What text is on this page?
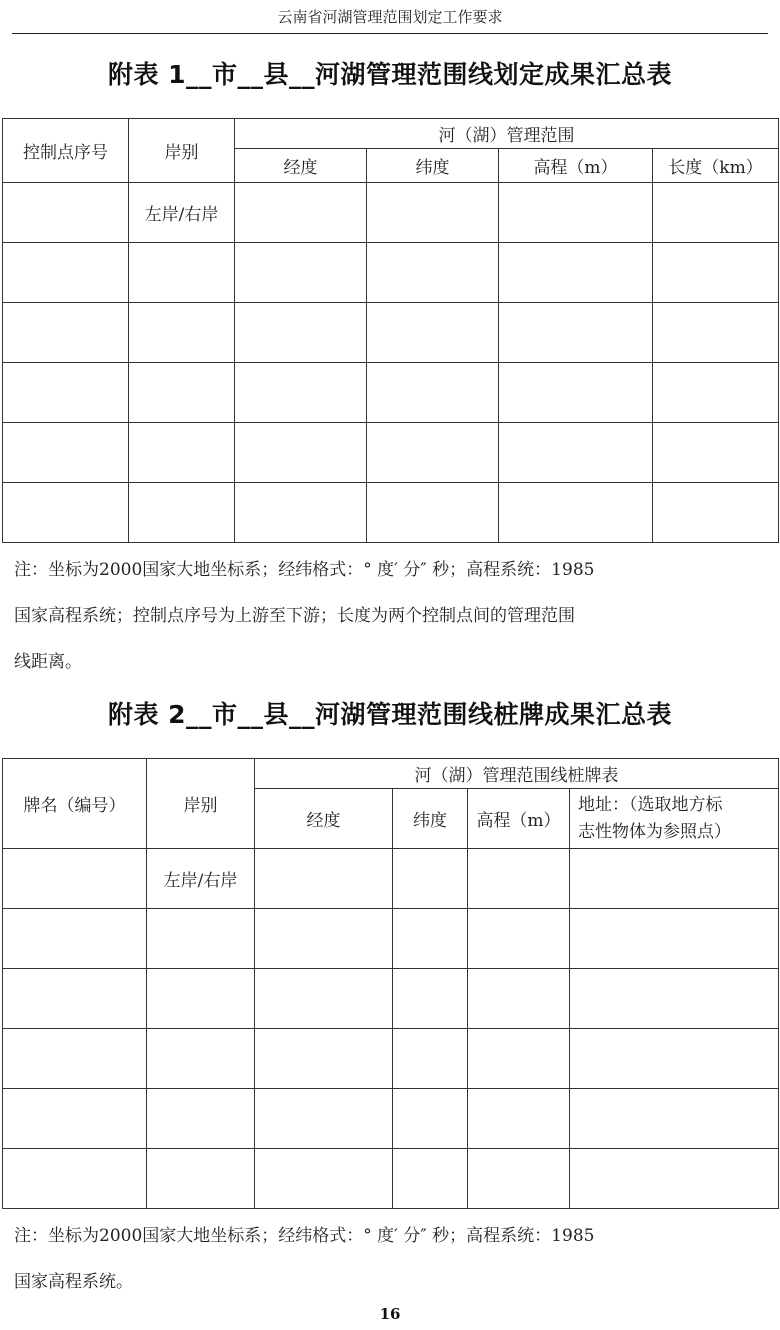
云南省河湖管理范围划定工作要求
附表 1__市__县__河湖管理范围线划定成果汇总表
控制点序号	岸别	河（湖）管理范围			
		经度	纬度	高程（m）	长度（km）
	左岸/右岸				

注：坐标为2000国家大地坐标系；经纬格式：° 度′ 分″ 秒；高程系统：1985
国家高程系统；控制点序号为上游至下游；长度为两个控制点间的管理范围
线距离。
附表 2__市__县__河湖管理范围线桩牌成果汇总表
牌名（编号）	岸别	河（湖）管理范围线桩牌表			
		经度	纬度	高程（m）	地址：（选取地方标
志性物体为参照点）

	左岸/右岸				

注：坐标为2000国家大地坐标系；经纬格式：° 度′ 分″ 秒；高程系统：1985
国家高程系统。
16
